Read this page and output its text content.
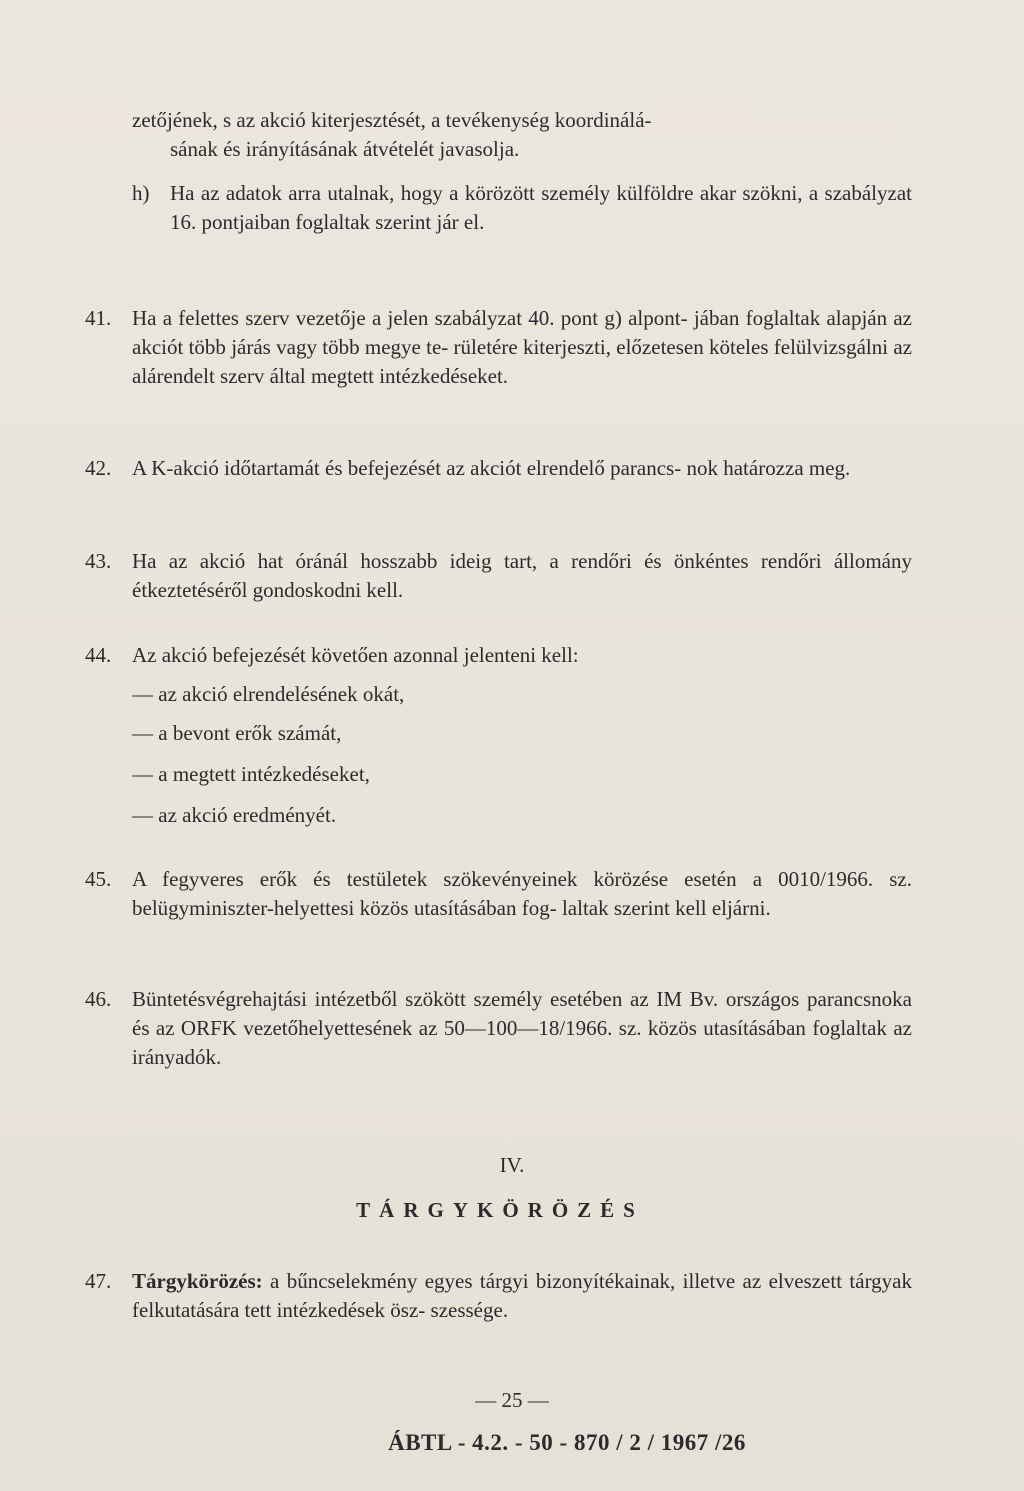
zetőjének, s az akció kiterjesztését, a tevékenység koordinálá-
sának és irányításának átvételét javasolja.
h) Ha az adatok arra utalnak, hogy a körözött személy külföldre akar szökni, a szabályzat 16. pontjaiban foglaltak szerint jár el.
41. Ha a felettes szerv vezetője a jelen szabályzat 40. pont g) alpont- jában foglaltak alapján az akciót több járás vagy több megye te- rületére kiterjeszti, előzetesen köteles felülvizsgálni az alárendelt szerv által megtett intézkedéseket.
42. A K-akció időtartamát és befejezését az akciót elrendelő parancs- nok határozza meg.
43. Ha az akció hat óránál hosszabb ideig tart, a rendőri és önkéntes rendőri állomány étkeztetéséről gondoskodni kell.
44. Az akció befejezését követően azonnal jelenteni kell:
— az akció elrendelésének okát,
— a bevont erők számát,
— a megtett intézkedéseket,
— az akció eredményét.
45. A fegyveres erők és testületek szökevényeinek körözése esetén a 0010/1966. sz. belügyminiszter-helyettesi közös utasításában fog- laltak szerint kell eljárni.
46. Büntetésvégrehajtási intézetből szökött személy esetében az IM Bv. országos parancsnoka és az ORFK vezetőhelyettesének az 50—100—18/1966. sz. közös utasításában foglaltak az irányadók.
47. Tárgykörözés: a bűncselekmény egyes tárgyi bizonyítékainak, illetve az elveszett tárgyak felkutatására tett intézkedések ösz- szessége.
IV.
TÁRGYKÖRÖZÉS
— 25 —
ÁBTL - 4.2. - 50 - 870 / 2 / 1967 /26
